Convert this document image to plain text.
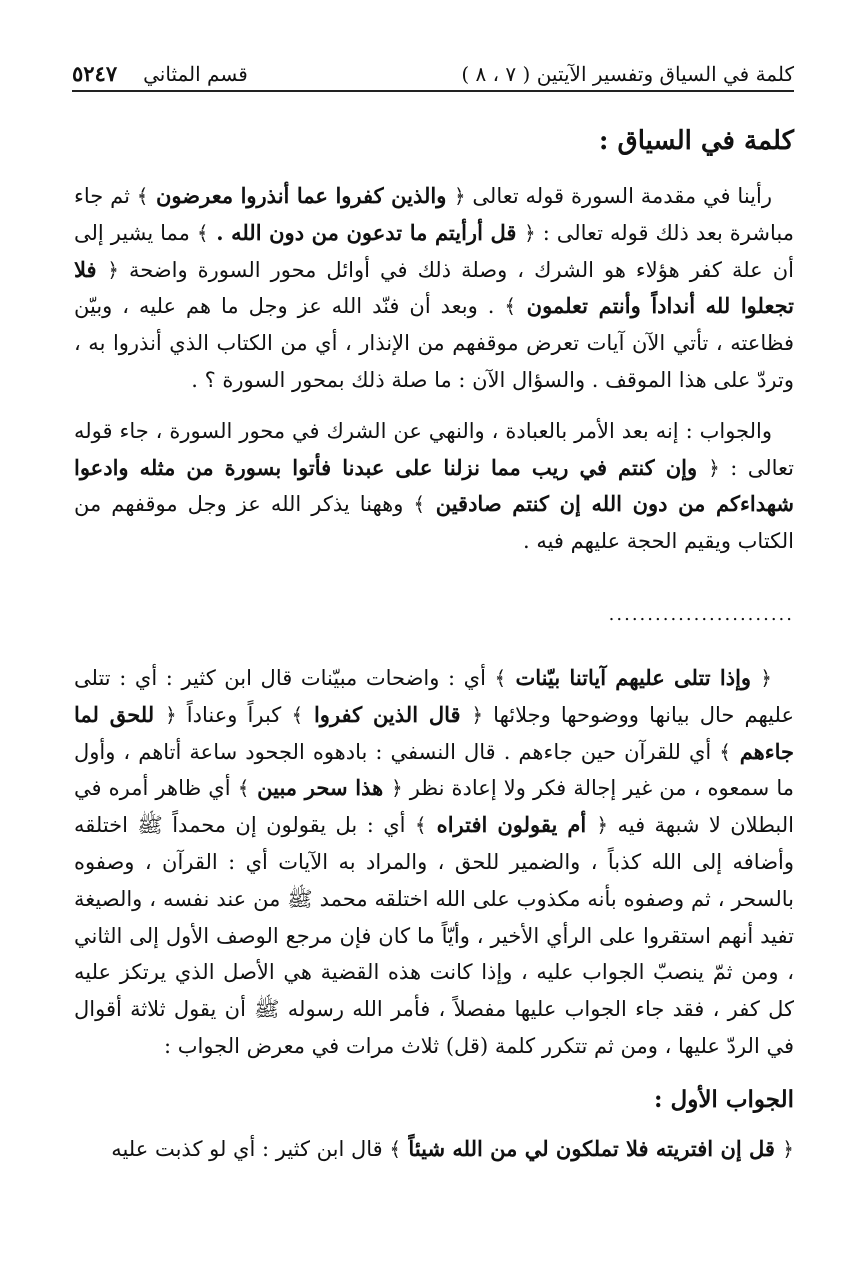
كلمة في السياق وتفسير الآيتين ( ٧ ، ٨ )
قسم المثاني
٥٢٤٧
كلمة في السياق :

رأينا في مقدمة السورة قوله تعالى ﴿ والذين كفروا عما أنذروا معرضون ﴾ ثم جاء مباشرة بعد ذلك قوله تعالى : ﴿ قل أرأيتم ما تدعون من دون الله . ﴾ مما يشير إلى أن علة كفر هؤلاء هو الشرك ، وصلة ذلك في أوائل محور السورة واضحة ﴿ فلا تجعلوا لله أنداداً وأنتم تعلمون ﴾ . وبعد أن فنّد الله عز وجل ما هم عليه ، وبيّن فظاعته ، تأتي الآن آيات تعرض موقفهم من الإنذار ، أي من الكتاب الذي أنذروا به ، وتردّ على هذا الموقف . والسؤال الآن : ما صلة ذلك بمحور السورة ؟ .

والجواب : إنه بعد الأمر بالعبادة ، والنهي عن الشرك في محور السورة ، جاء قوله تعالى : ﴿ وإن كنتم في ريب مما نزلنا على عبدنا فأتوا بسورة من مثله وادعوا شهداءكم من دون الله إن كنتم صادقين ﴾ وههنا يذكر الله عز وجل موقفهم من الكتاب ويقيم الحجة عليهم فيه .

........................

﴿ وإذا تتلى عليهم آياتنا بيّنات ﴾ أي : واضحات مبيّنات قال ابن كثير : أي : تتلى عليهم حال بيانها ووضوحها وجلائها ﴿ قال الذين كفروا ﴾ كبراً وعناداً ﴿ للحق لما جاءهم ﴾ أي للقرآن حين جاءهم . قال النسفي : بادهوه الجحود ساعة أتاهم ، وأول ما سمعوه ، من غير إجالة فكر ولا إعادة نظر ﴿ هذا سحر مبين ﴾ أي ظاهر أمره في البطلان لا شبهة فيه ﴿ أم يقولون افتراه ﴾ أي : بل يقولون إن محمداً ﷺ اختلقه وأضافه إلى الله كذباً ، والضمير للحق ، والمراد به الآيات أي : القرآن ، وصفوه بالسحر ، ثم وصفوه بأنه مكذوب على الله اختلقه محمد ﷺ من عند نفسه ، والصيغة تفيد أنهم استقروا على الرأي الأخير ، وأيّاً ما كان فإن مرجع الوصف الأول إلى الثاني ، ومن ثمّ ينصبّ الجواب عليه ، وإذا كانت هذه القضية هي الأصل الذي يرتكز عليه كل كفر ، فقد جاء الجواب عليها مفصلاً ، فأمر الله رسوله ﷺ أن يقول ثلاثة أقوال في الردّ عليها ، ومن ثم تتكرر كلمة (قل) ثلاث مرات في معرض الجواب :

الجواب الأول :

﴿ قل إن افتريته فلا تملكون لي من الله شيئاً ﴾ قال ابن كثير : أي لو كذبت عليه
